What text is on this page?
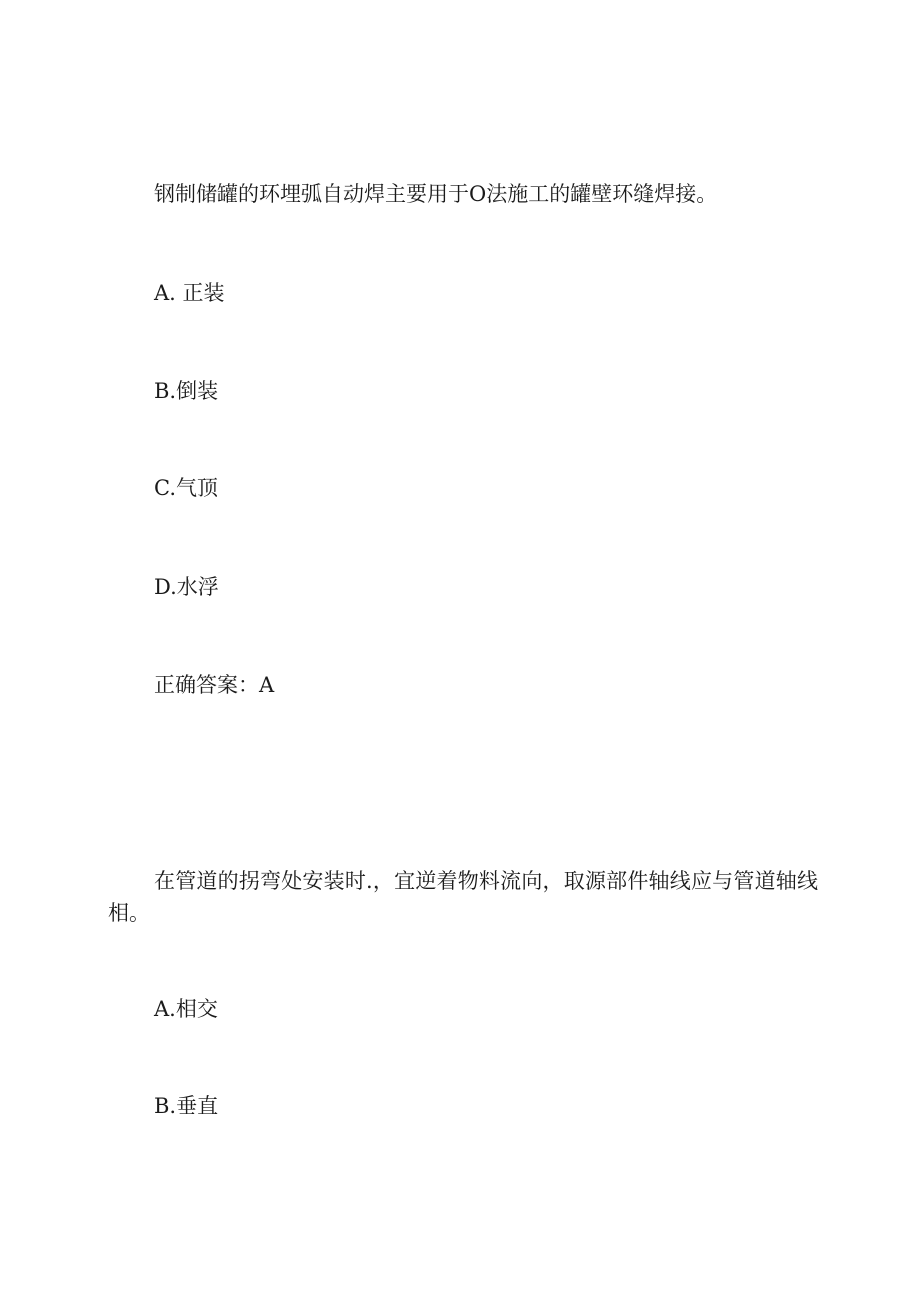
钢制储罐的环埋弧自动焊主要用于O法施工的罐壁环缝焊接。
A. 正装
B.倒装
C.气顶
D.水浮
正确答案：A
在管道的拐弯处安装时.，宜逆着物料流向，取源部件轴线应与管道轴线相。
A.相交
B.垂直
